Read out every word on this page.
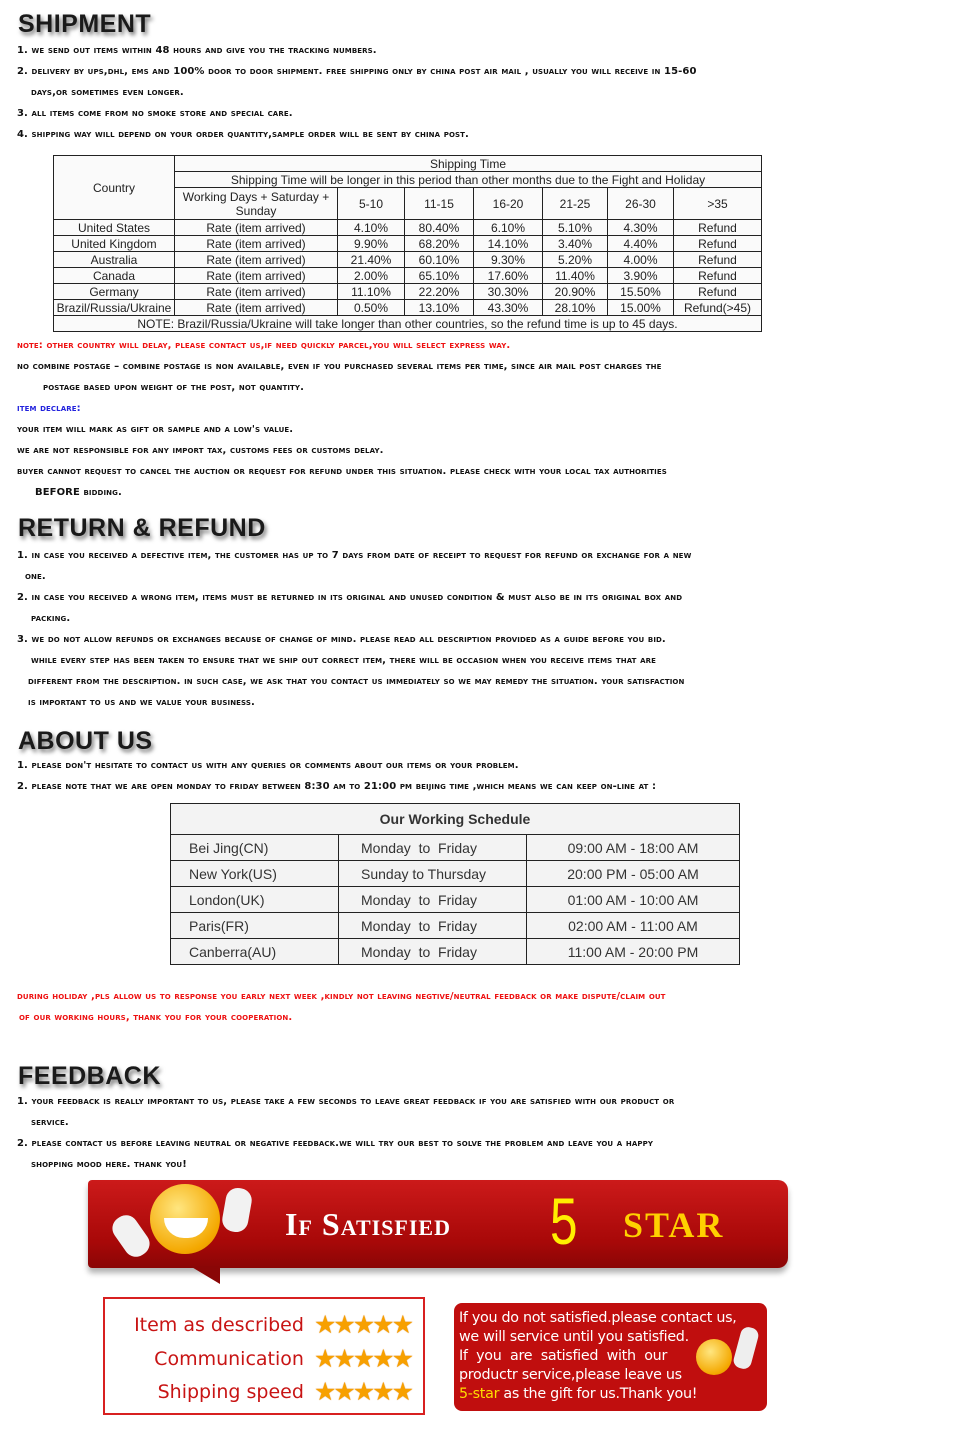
SHIPMENT
1. we send out items within 48 hours and give you the tracking numbers.
2. delivery by ups,dhl, ems and 100% door to door shipment. free shipping only by china post air mail , usually you will receive in 15-60
days,or sometimes even longer.
3. all items come from no smoke store and special care.
4. shipping way will depend on your order quantity,sample order will be sent by china post.
Country	Shipping Time						
	Shipping Time will be longer in this period than other months due to the Fight and Holiday						
	Working Days + Saturday + Sunday	5-10	11-15	16-20	21-25	26-30	>35
United States	Rate (item arrived)	4.10%	80.40%	6.10%	5.10%	4.30%	Refund
United Kingdom	Rate (item arrived)	9.90%	68.20%	14.10%	3.40%	4.40%	Refund
Australia	Rate (item arrived)	21.40%	60.10%	9.30%	5.20%	4.00%	Refund
Canada	Rate (item arrived)	2.00%	65.10%	17.60%	11.40%	3.90%	Refund
Germany	Rate (item arrived)	11.10%	22.20%	30.30%	20.90%	15.50%	Refund
Brazil/Russia/Ukraine	Rate (item arrived)	0.50%	13.10%	43.30%	28.10%	15.00%	Refund(>45)
NOTE: Brazil/Russia/Ukraine will take longer than other countries, so the refund time is up to 45 days.							
note: other country will delay, please contact us,if need quickly parcel,you will select express way.
no combine postage – combine postage is non available, even if you purchased several items per time, since air mail post charges the
postage based upon weight of the post, not quantity.
item declare:
your item will mark as gift or sample and a low's value.
we are not responsible for any import tax, customs fees or customs delay.
buyer cannot request to cancel the auction or request for refund under this situation. please check with your local tax authorities
BEFORE bidding.
RETURN & REFUND
1. in case you received a defective item, the customer has up to 7 days from date of receipt to request for refund or exchange for a new
one.
2. in case you received a wrong item, items must be returned in its original and unused condition & must also be in its original box and
packing.
3. we do not allow refunds or exchanges because of change of mind. please read all description provided as a guide before you bid.
while every step has been taken to ensure that we ship out correct item, there will be occasion when you receive items that are
different from the description. in such case, we ask that you contact us immediately so we may remedy the situation. your satisfaction
is important to us and we value your business.
ABOUT US
1. please don't hesitate to contact us with any queries or comments about our items or your problem.
2. please note that we are open monday to friday between 8:30 am to 21:00 pm beijing time ,which means we can keep on-line at :
Our Working Schedule		
Bei Jing(CN)	Monday  to  Friday	09:00 AM - 18:00 AM
New York(US)	Sunday to Thursday	20:00 PM - 05:00 AM
London(UK)	Monday  to  Friday	01:00 AM - 10:00 AM
Paris(FR)	Monday  to  Friday	02:00 AM - 11:00 AM
Canberra(AU)	Monday  to  Friday	11:00 AM - 20:00 PM
during holiday ,pls allow us to response you early next week ,kindly not leaving negtive/neutral feedback or make dispute/claim out
of our working hours, thank you for your cooperation.
FEEDBACK
1. your feedback is really important to us, please take a few seconds to leave great feedback if you are satisfied with our product or
service.
2. please contact us before leaving neutral or negative feedback.we will try our best to solve the problem and leave you a happy
shopping mood here. thank you!
If Satisfied 5 STAR
Item as described ★★★★★
Communication ★★★★★
Shipping speed ★★★★★
If you do not satisfied.please contact us,
we will service until you satisfied.
If  you  are  satisfied  with  our
productr service,please leave us
5-star as the gift for us.Thank you!
